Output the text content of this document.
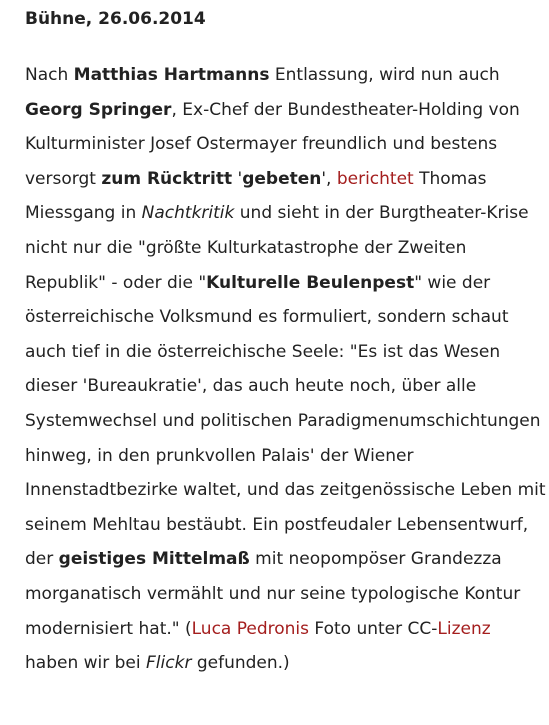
Bühne, 26.06.2014

Nach Matthias Hartmanns Entlassung, wird nun auch Georg Springer, Ex-Chef der Bundestheater-Holding von Kulturminister Josef Ostermayer freundlich und bestens versorgt zum Rücktritt 'gebeten', berichtet Thomas Miessgang in Nachtkritik und sieht in der Burgtheater-Krise nicht nur die "größte Kulturkatastrophe der Zweiten Republik" - oder die "Kulturelle Beulenpest" wie der österreichische Volksmund es formuliert, sondern schaut auch tief in die österreichische Seele: "Es ist das Wesen dieser 'Bureaukratie', das auch heute noch, über alle Systemwechsel und politischen Paradigmenumschichtungen hinweg, in den prunkvollen Palais' der Wiener Innenstadtbezirke waltet, und das zeitgenössische Leben mit seinem Mehltau bestäubt. Ein postfeudaler Lebensentwurf, der geistiges Mittelmaß mit neopompöser Grandezza morganatisch vermählt und nur seine typologische Kontur modernisiert hat." (Luca Pedronis Foto unter CC-Lizenz haben wir bei Flickr gefunden.)
